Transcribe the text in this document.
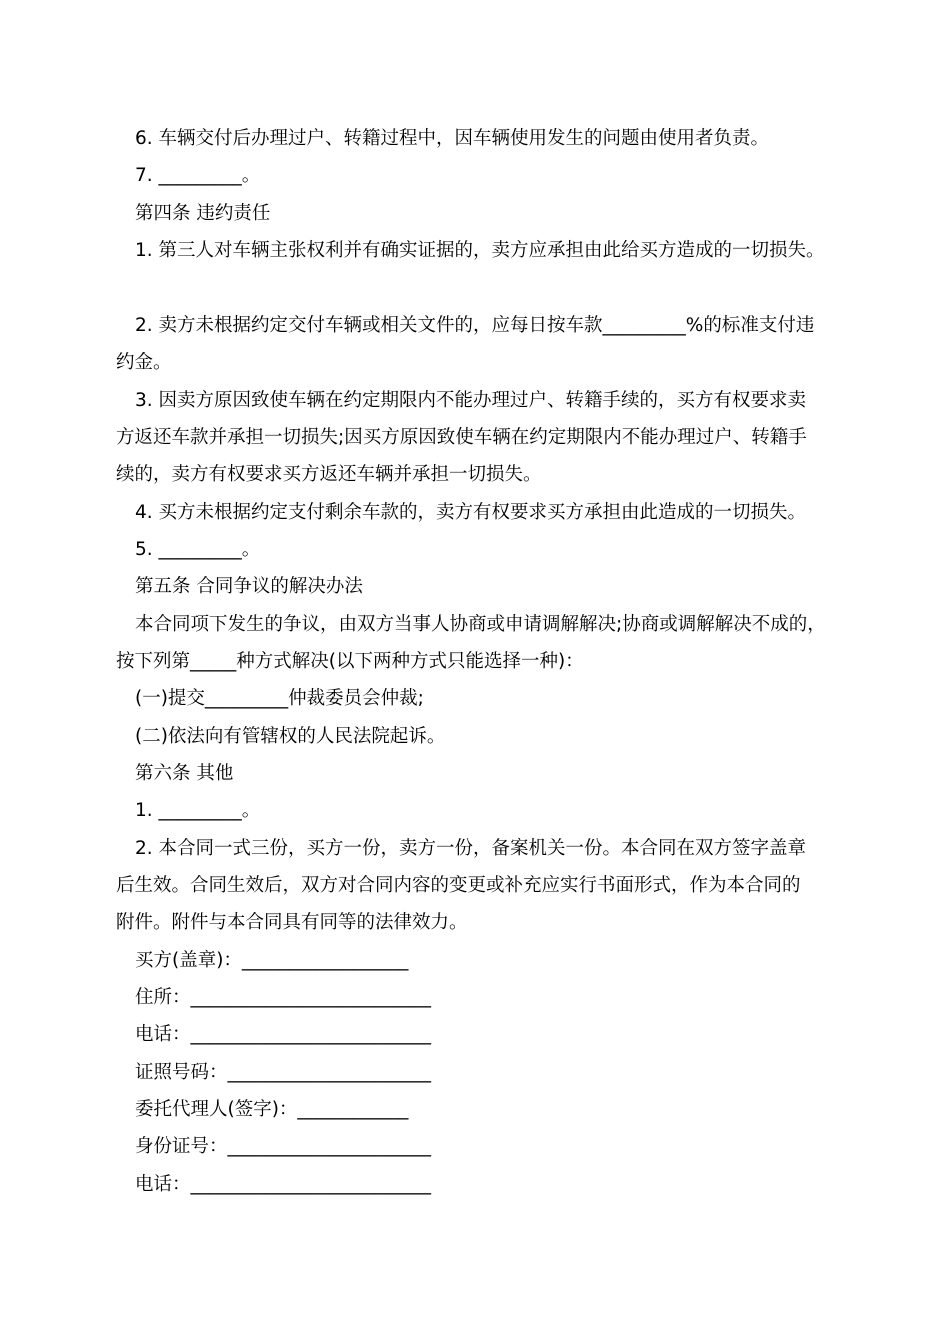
6. 车辆交付后办理过户、转籍过程中，因车辆使用发生的问题由使用者负责。
7. _________。
第四条 违约责任
1. 第三人对车辆主张权利并有确实证据的，卖方应承担由此给买方造成的一切损失。
2. 卖方未根据约定交付车辆或相关文件的，应每日按车款_________%的标准支付违
约金。
3. 因卖方原因致使车辆在约定期限内不能办理过户、转籍手续的，买方有权要求卖
方返还车款并承担一切损失;因买方原因致使车辆在约定期限内不能办理过户、转籍手
续的，卖方有权要求买方返还车辆并承担一切损失。
4. 买方未根据约定支付剩余车款的，卖方有权要求买方承担由此造成的一切损失。
5. _________。
第五条 合同争议的解决办法
本合同项下发生的争议，由双方当事人协商或申请调解解决;协商或调解解决不成的，
按下列第_____种方式解决(以下两种方式只能选择一种)：
(一)提交_________仲裁委员会仲裁;
(二)依法向有管辖权的人民法院起诉。
第六条 其他
1. _________。
2. 本合同一式三份，买方一份，卖方一份，备案机关一份。本合同在双方签字盖章
后生效。合同生效后，双方对合同内容的变更或补充应实行书面形式，作为本合同的
附件。附件与本合同具有同等的法律效力。
买方(盖章)：__________________
住所：__________________________
电话：__________________________
证照号码：______________________
委托代理人(签字)：____________
身份证号：______________________
电话：__________________________
